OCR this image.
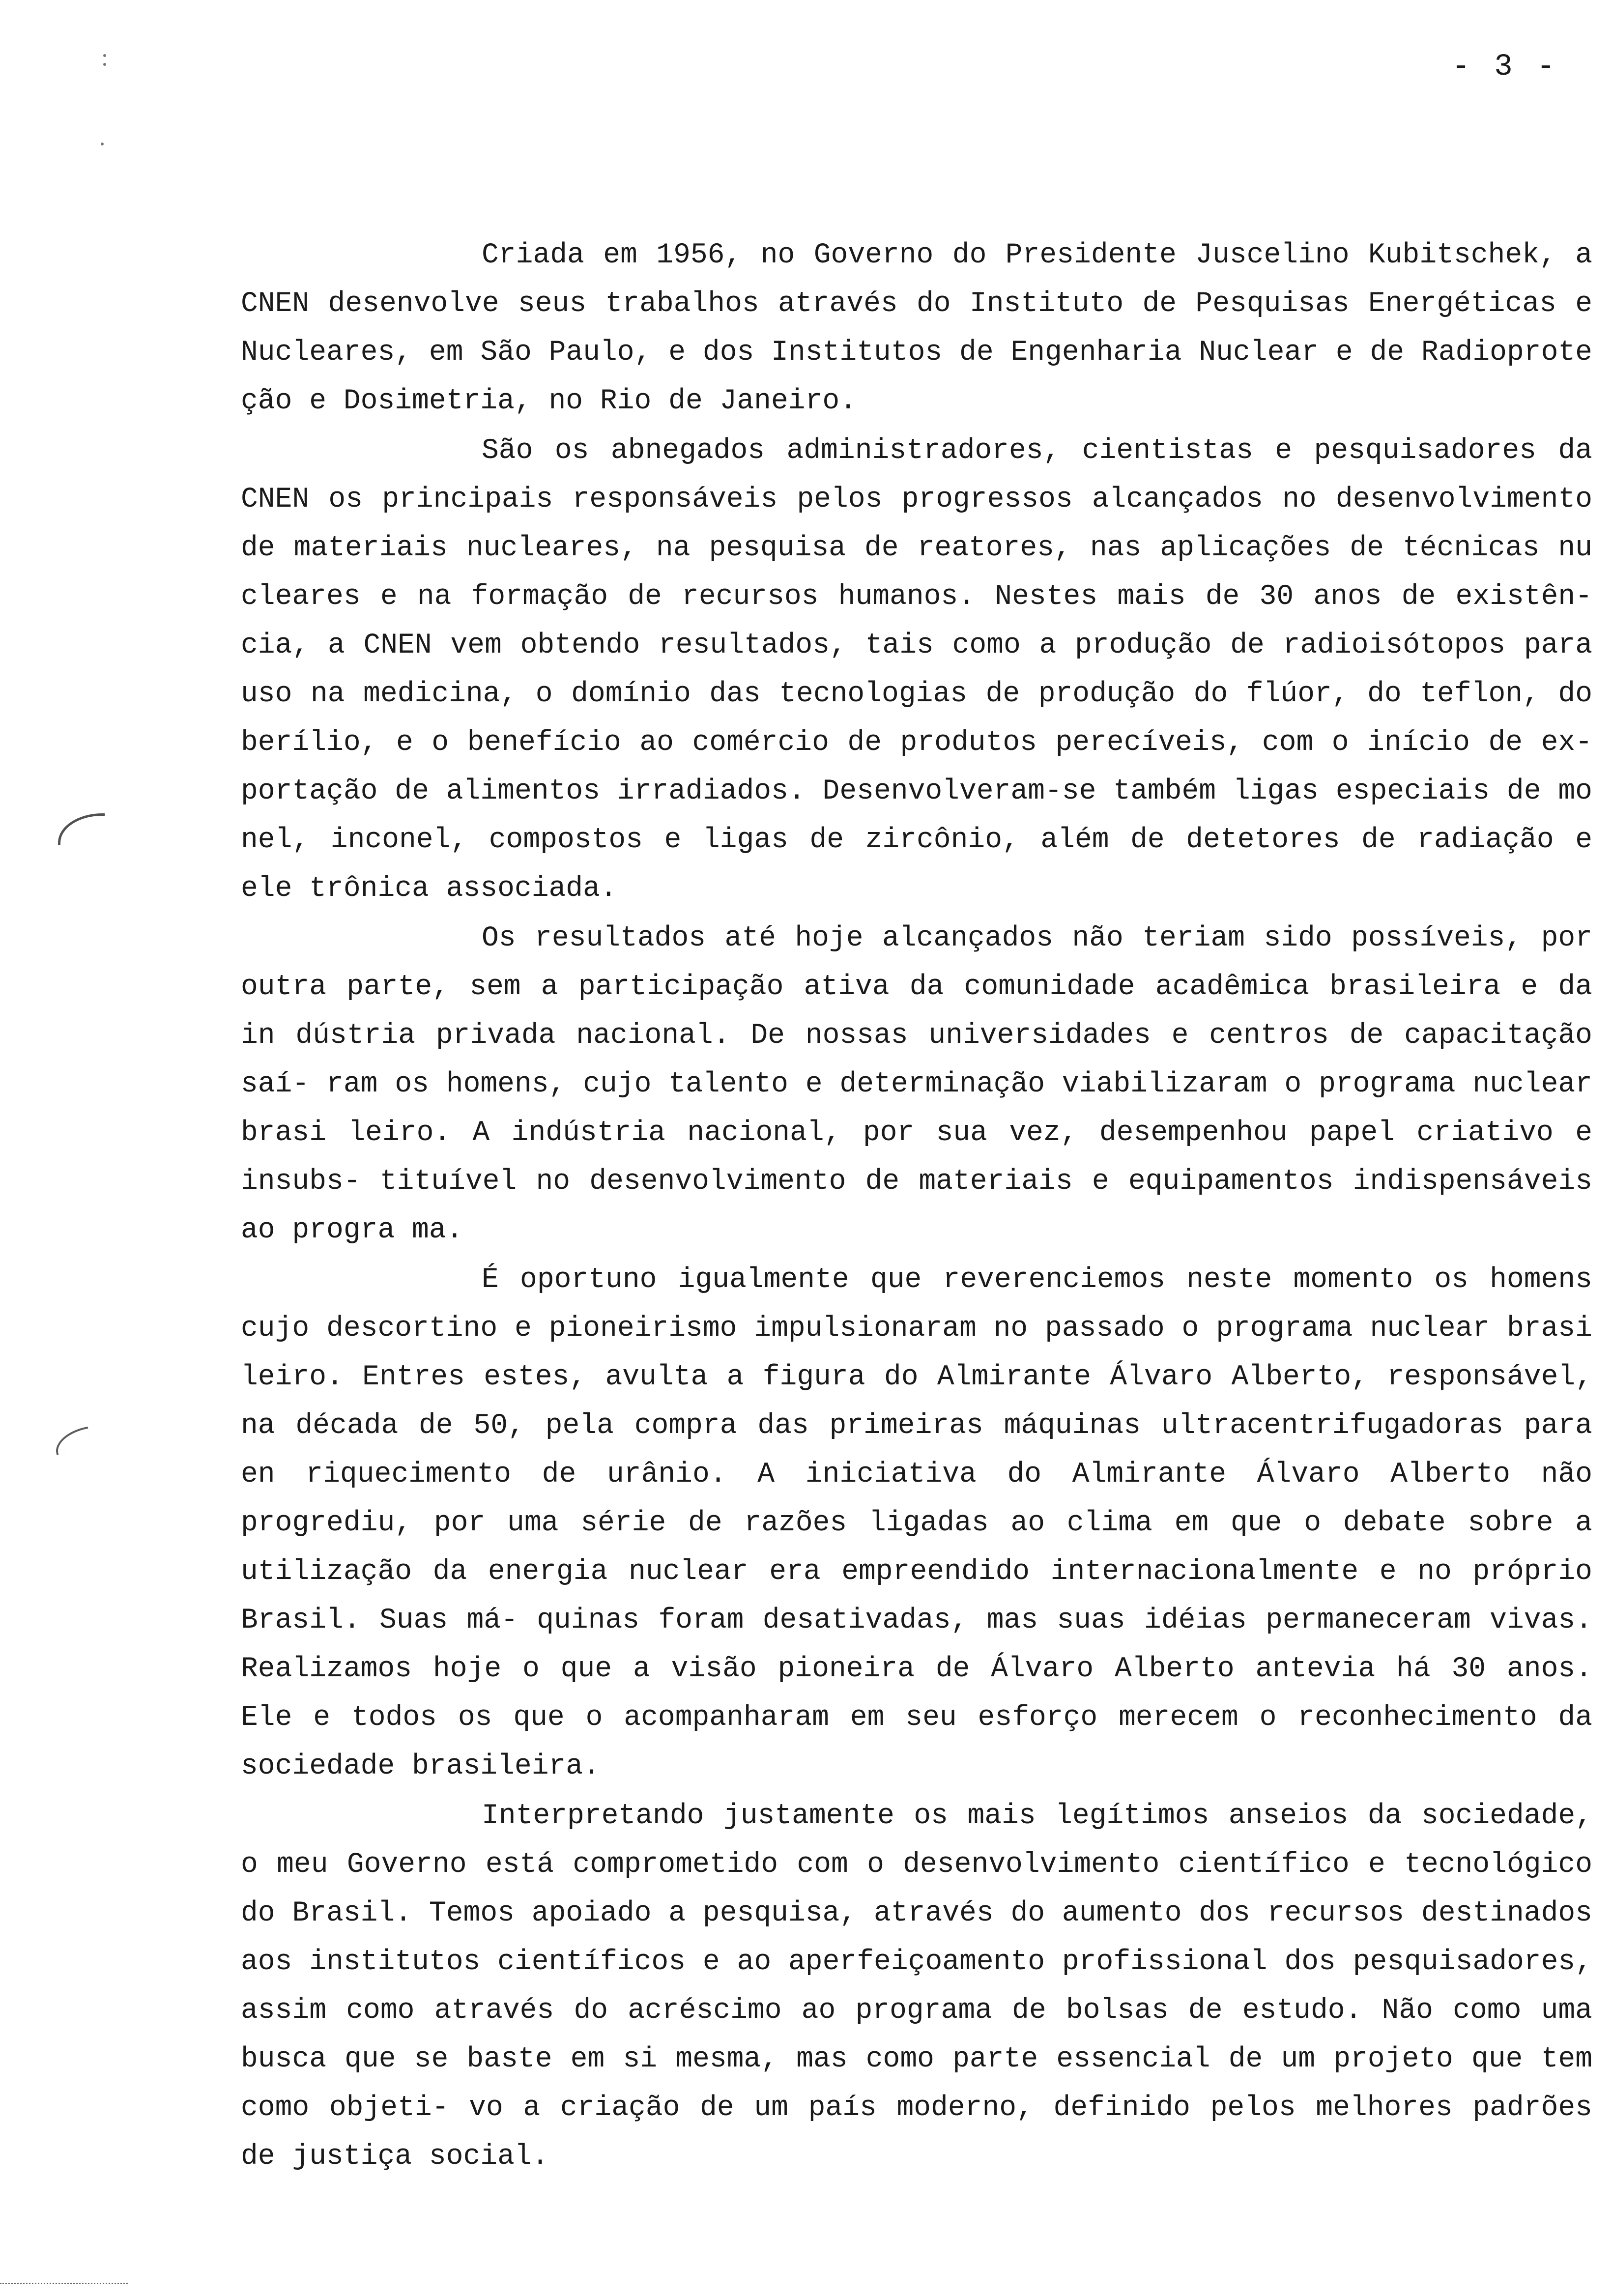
- 3 -

Criada em 1956, no Governo do Presidente Juscelino Kubitschek, a CNEN desenvolve seus trabalhos através do Instituto de Pesquisas Energéticas e Nucleares, em São Paulo, e dos Institutos de Engenharia Nuclear e de Radioprote ção e Dosimetria, no Rio de Janeiro.

São os abnegados administradores, cientistas e pesquisadores da CNEN os principais responsáveis pelos progressos alcançados no desenvolvimento de materiais nucleares, na pesquisa de reatores, nas aplicações de técnicas nu cleares e na formação de recursos humanos. Nestes mais de 30 anos de existên- cia, a CNEN vem obtendo resultados, tais como a produção de radioisótopos para uso na medicina, o domínio das tecnologias de produção do flúor, do teflon, do berílio, e o benefício ao comércio de produtos perecíveis, com o início de ex- portação de alimentos irradiados. Desenvolveram-se também ligas especiais de mo nel, inconel, compostos e ligas de zircônio, além de detetores de radiação e ele trônica associada.

Os resultados até hoje alcançados não teriam sido possíveis, por outra parte, sem a participação ativa da comunidade acadêmica brasileira e da in dústria privada nacional. De nossas universidades e centros de capacitação saí- ram os homens, cujo talento e determinação viabilizaram o programa nuclear brasi leiro. A indústria nacional, por sua vez, desempenhou papel criativo e insubs- tituível no desenvolvimento de materiais e equipamentos indispensáveis ao progra ma.

É oportuno igualmente que reverenciemos neste momento os homens cujo descortino e pioneirismo impulsionaram no passado o programa nuclear brasi leiro. Entres estes, avulta a figura do Almirante Álvaro Alberto, responsável, na década de 50, pela compra das primeiras máquinas ultracentrifugadoras para en riquecimento de urânio. A iniciativa do Almirante Álvaro Alberto não progrediu, por uma série de razões ligadas ao clima em que o debate sobre a utilização da energia nuclear era empreendido internacionalmente e no próprio Brasil. Suas má- quinas foram desativadas, mas suas idéias permaneceram vivas. Realizamos hoje o que a visão pioneira de Álvaro Alberto antevia há 30 anos. Ele e todos os que o acompanharam em seu esforço merecem o reconhecimento da sociedade brasileira.

Interpretando justamente os mais legítimos anseios da sociedade, o meu Governo está comprometido com o desenvolvimento científico e tecnológico do Brasil. Temos apoiado a pesquisa, através do aumento dos recursos destinados aos institutos científicos e ao aperfeiçoamento profissional dos pesquisadores, assim como através do acréscimo ao programa de bolsas de estudo. Não como uma busca que se baste em si mesma, mas como parte essencial de um projeto que tem como objeti- vo a criação de um país moderno, definido pelos melhores padrões de justiça social.
